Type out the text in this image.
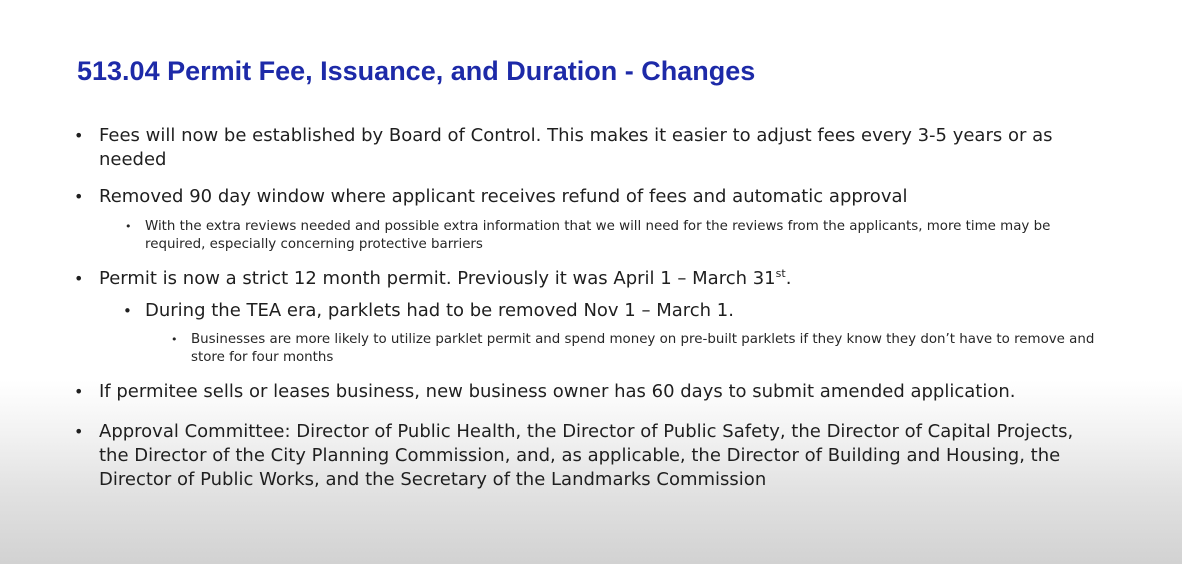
513.04 Permit Fee, Issuance, and Duration - Changes
• Fees will now be established by Board of Control. This makes it easier to adjust fees every 3-5 years or as needed
• Removed 90 day window where applicant receives refund of fees and automatic approval
• With the extra reviews needed and possible extra information that we will need for the reviews from the applicants, more time may be required, especially concerning protective barriers
• Permit is now a strict 12 month permit. Previously it was April 1 – March 31st.
• During the TEA era, parklets had to be removed Nov 1 – March 1.
• Businesses are more likely to utilize parklet permit and spend money on pre-built parklets if they know they don’t have to remove and store for four months
• If permitee sells or leases business, new business owner has 60 days to submit amended application.
• Approval Committee: Director of Public Health, the Director of Public Safety, the Director of Capital Projects, the Director of the City Planning Commission, and, as applicable, the Director of Building and Housing, the Director of Public Works, and the Secretary of the Landmarks Commission
